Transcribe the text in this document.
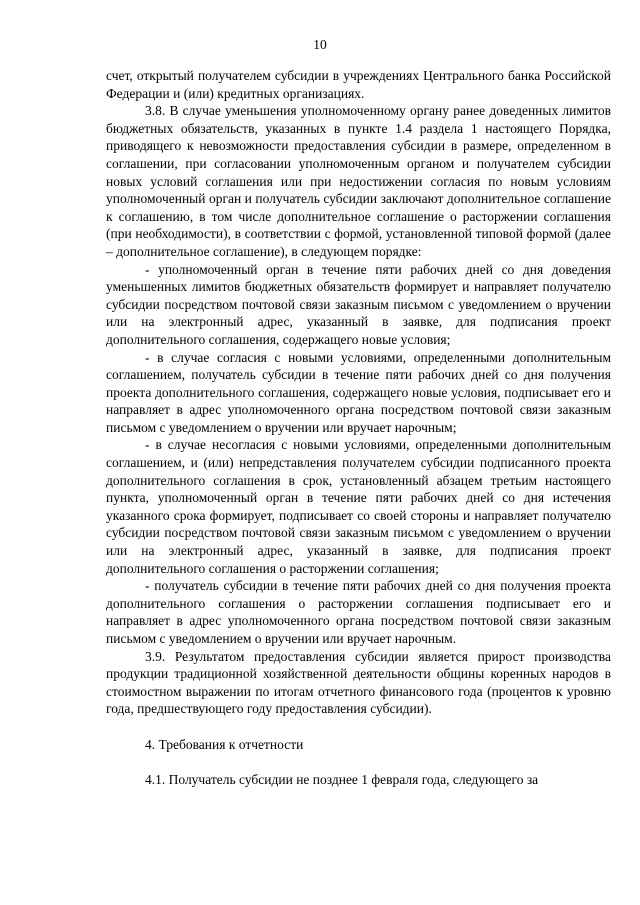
10

счет, открытый получателем субсидии в учреждениях Центрального банка Российской Федерации и (или) кредитных организациях.

3.8. В случае уменьшения уполномоченному органу ранее доведенных лимитов бюджетных обязательств, указанных в пункте 1.4 раздела 1 настоящего Порядка, приводящего к невозможности предоставления субсидии в размере, определенном в соглашении, при согласовании уполномоченным органом и получателем субсидии новых условий соглашения или при недостижении согласия по новым условиям уполномоченный орган и получатель субсидии заключают дополнительное соглашение к соглашению, в том числе дополнительное соглашение о расторжении соглашения (при необходимости), в соответствии с формой, установленной типовой формой (далее – дополнительное соглашение), в следующем порядке:

- уполномоченный орган в течение пяти рабочих дней со дня доведения уменьшенных лимитов бюджетных обязательств формирует и направляет получателю субсидии посредством почтовой связи заказным письмом с уведомлением о вручении или на электронный адрес, указанный в заявке, для подписания проект дополнительного соглашения, содержащего новые условия;

- в случае согласия с новыми условиями, определенными дополнительным соглашением, получатель субсидии в течение пяти рабочих дней со дня получения проекта дополнительного соглашения, содержащего новые условия, подписывает его и направляет в адрес уполномоченного органа посредством почтовой связи заказным письмом с уведомлением о вручении или вручает нарочным;

- в случае несогласия с новыми условиями, определенными дополнительным соглашением, и (или) непредставления получателем субсидии подписанного проекта дополнительного соглашения в срок, установленный абзацем третьим настоящего пункта, уполномоченный орган в течение пяти рабочих дней со дня истечения указанного срока формирует, подписывает со своей стороны и направляет получателю субсидии посредством почтовой связи заказным письмом с уведомлением о вручении или на электронный адрес, указанный в заявке, для подписания проект дополнительного соглашения о расторжении соглашения;

- получатель субсидии в течение пяти рабочих дней со дня получения проекта дополнительного соглашения о расторжении соглашения подписывает его и направляет в адрес уполномоченного органа посредством почтовой связи заказным письмом с уведомлением о вручении или вручает нарочным.

3.9. Результатом предоставления субсидии является прирост производства продукции традиционной хозяйственной деятельности общины коренных народов в стоимостном выражении по итогам отчетного финансового года (процентов к уровню года, предшествующего году предоставления субсидии).

4. Требования к отчетности

4.1. Получатель субсидии не позднее 1 февраля года, следующего за
